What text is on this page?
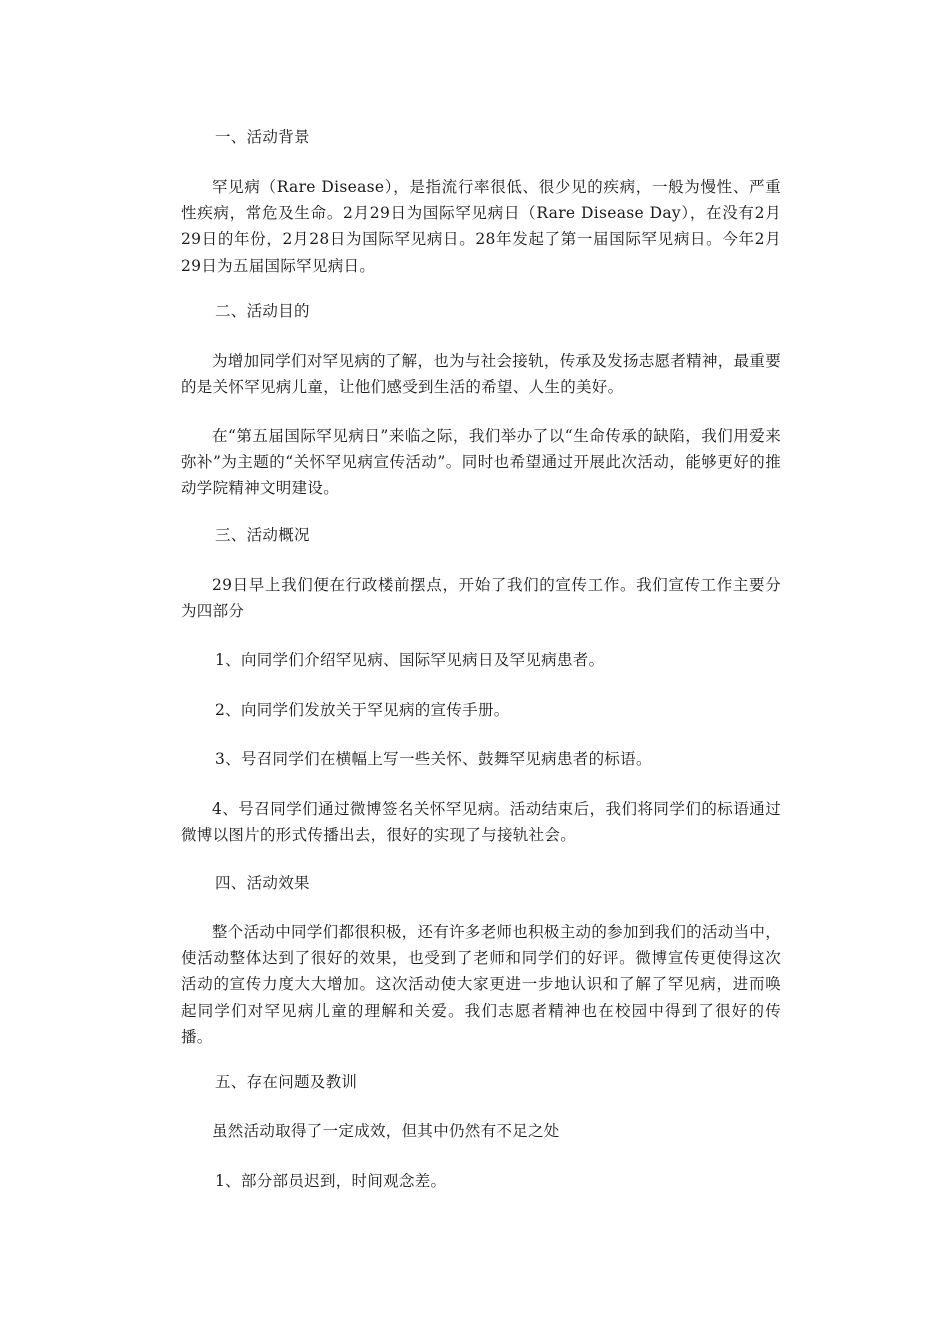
一、活动背景
罕见病（Rare Disease），是指流行率很低、很少见的疾病，一般为慢性、严重性疾病，常危及生命。2月29日为国际罕见病日（Rare Disease Day），在没有2月29日的年份，2月28日为国际罕见病日。28年发起了第一届国际罕见病日。今年2月29日为五届国际罕见病日。
二、活动目的
为增加同学们对罕见病的了解，也为与社会接轨，传承及发扬志愿者精神，最重要的是关怀罕见病儿童，让他们感受到生活的希望、人生的美好。
在“第五届国际罕见病日”来临之际，我们举办了以“生命传承的缺陷，我们用爱来弥补”为主题的“关怀罕见病宣传活动”。同时也希望通过开展此次活动，能够更好的推动学院精神文明建设。
三、活动概况
29日早上我们便在行政楼前摆点，开始了我们的宣传工作。我们宣传工作主要分为四部分
1、向同学们介绍罕见病、国际罕见病日及罕见病患者。
2、向同学们发放关于罕见病的宣传手册。
3、号召同学们在横幅上写一些关怀、鼓舞罕见病患者的标语。
4、号召同学们通过微博签名关怀罕见病。活动结束后，我们将同学们的标语通过微博以图片的形式传播出去，很好的实现了与接轨社会。
四、活动效果
整个活动中同学们都很积极，还有许多老师也积极主动的参加到我们的活动当中，使活动整体达到了很好的效果，也受到了老师和同学们的好评。微博宣传更使得这次活动的宣传力度大大增加。这次活动使大家更进一步地认识和了解了罕见病，进而唤起同学们对罕见病儿童的理解和关爱。我们志愿者精神也在校园中得到了很好的传播。
五、存在问题及教训
虽然活动取得了一定成效，但其中仍然有不足之处
1、部分部员迟到，时间观念差。
